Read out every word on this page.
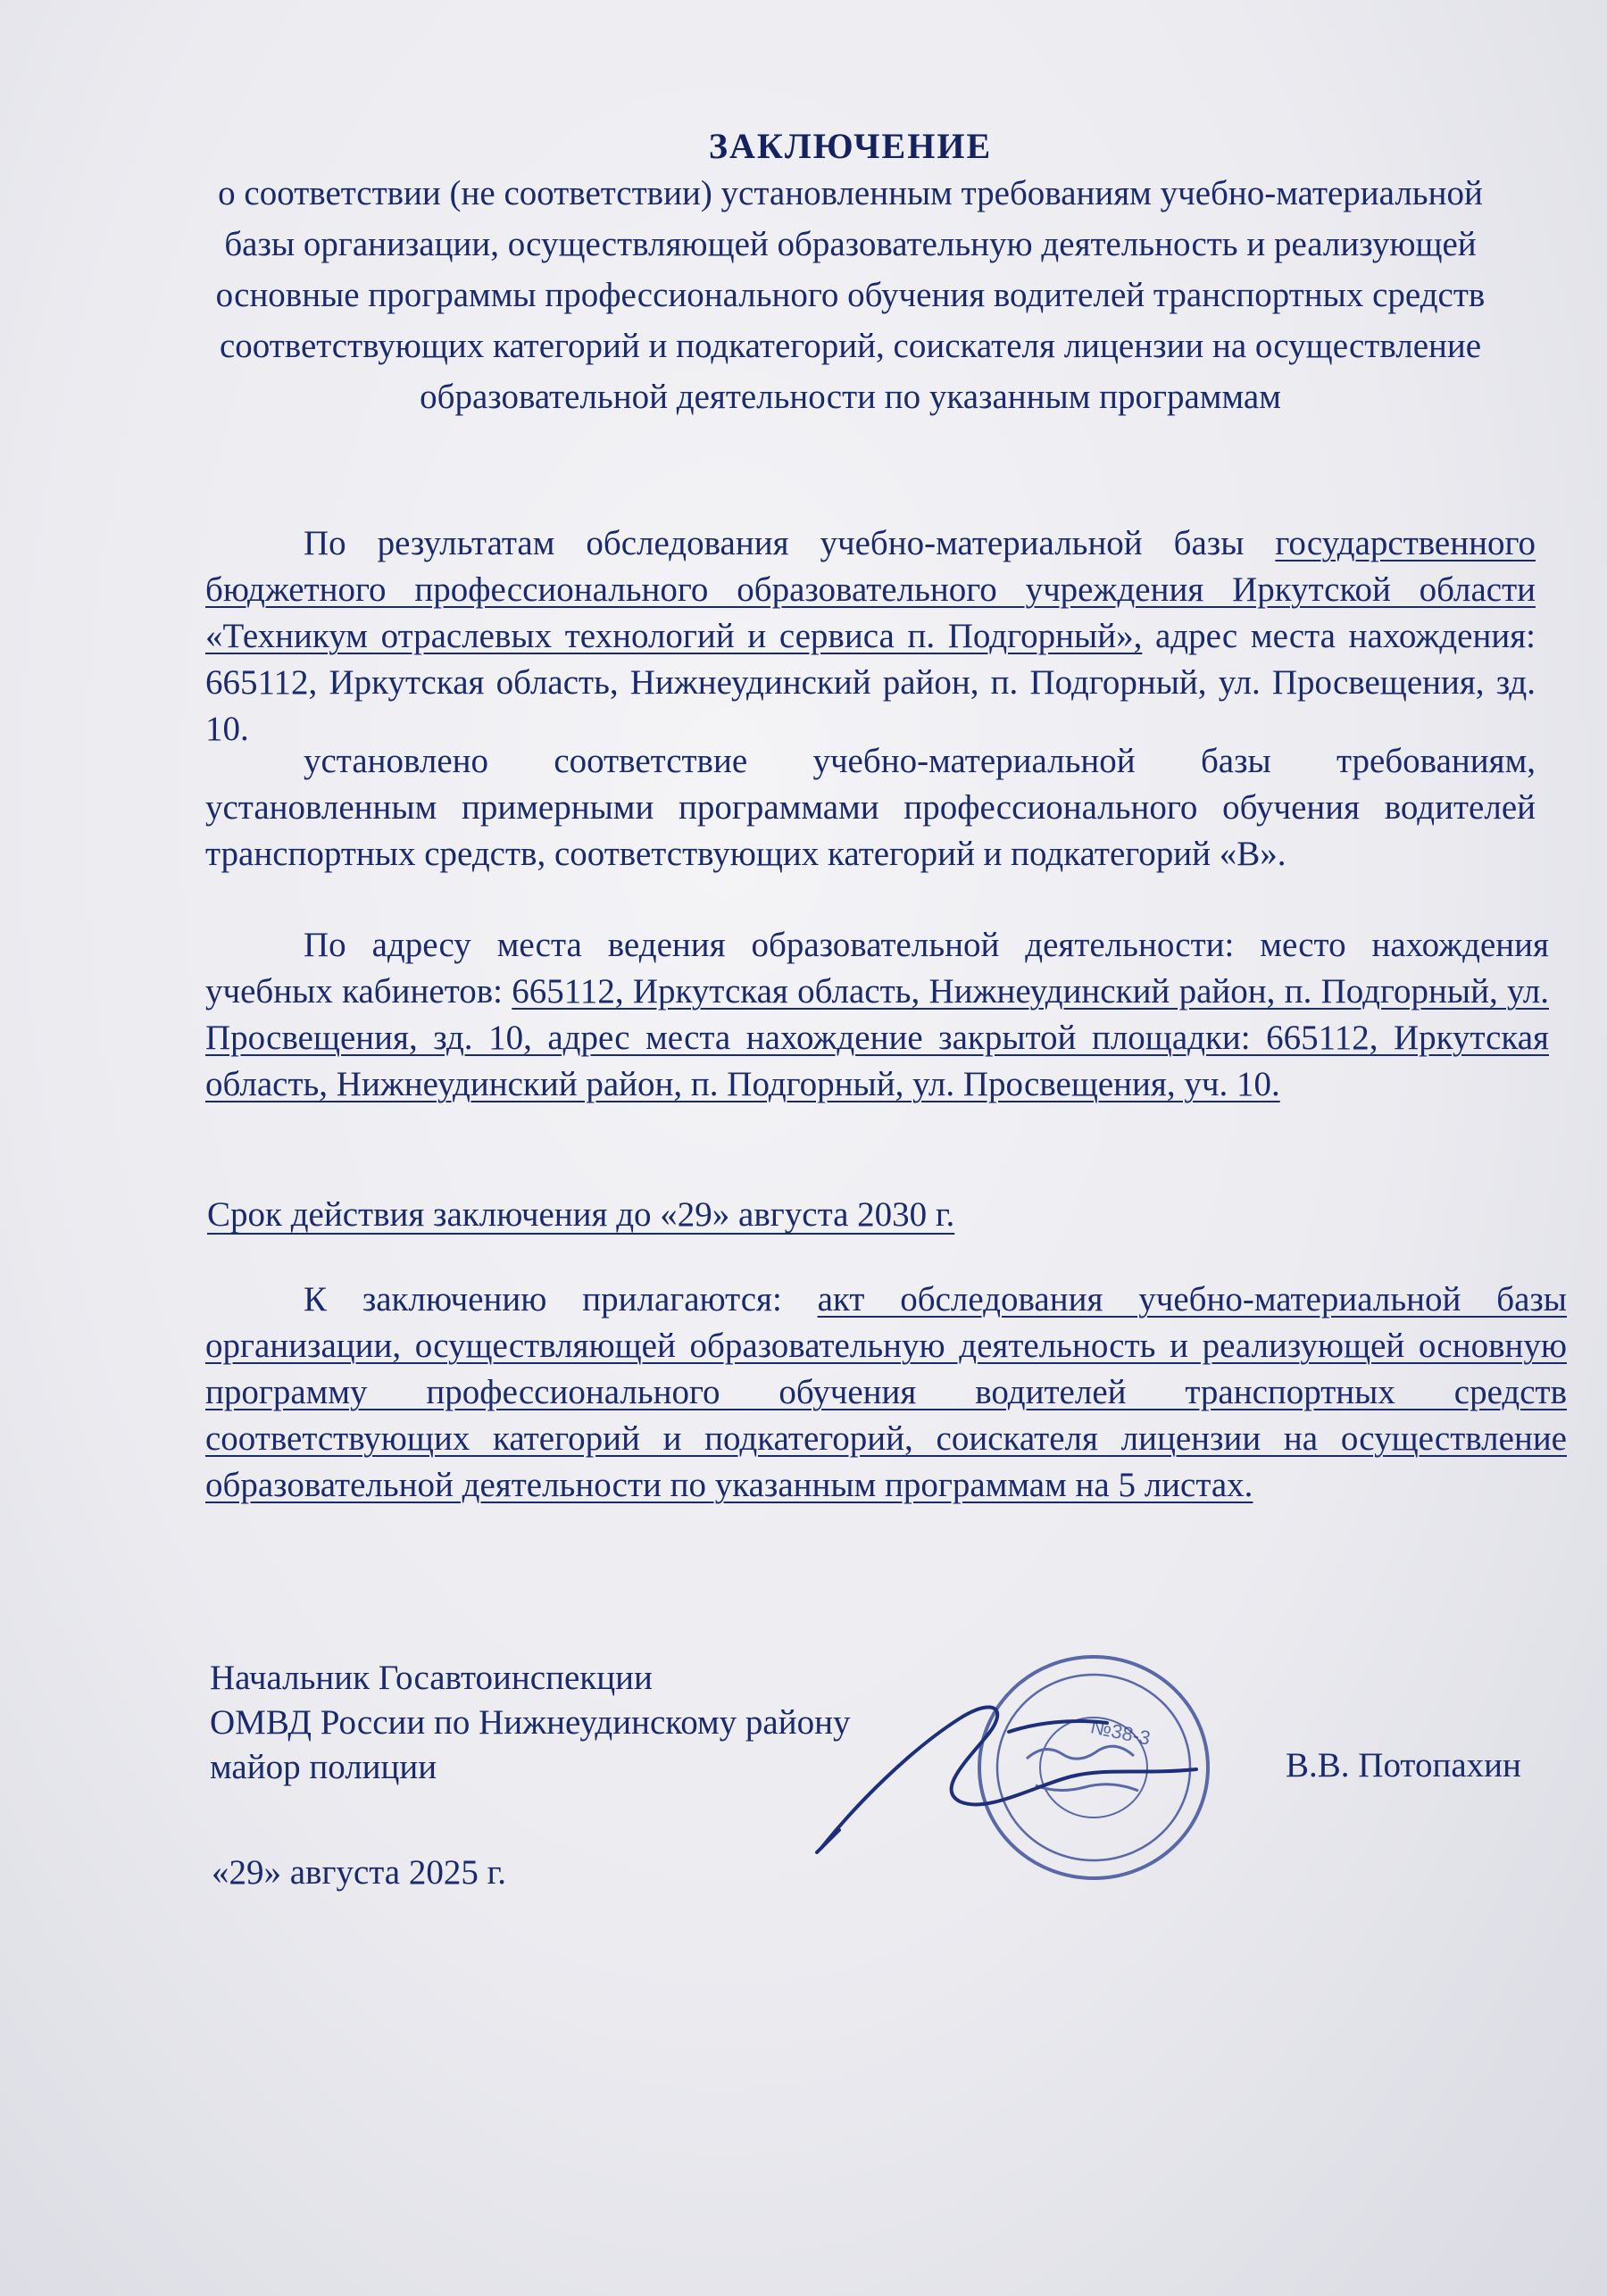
ЗАКЛЮЧЕНИЕ
о соответствии (не соответствии) установленным требованиям учебно-материальной базы организации, осуществляющей образовательную деятельность и реализующей основные программы профессионального обучения водителей транспортных средств соответствующих категорий и подкатегорий, соискателя лицензии на осуществление образовательной деятельности по указанным программам
По результатам обследования учебно-материальной базы государственного бюджетного профессионального образовательного учреждения Иркутской области «Техникум отраслевых технологий и сервиса п. Подгорный», адрес места нахождения: 665112, Иркутская область, Нижнеудинский район, п. Подгорный, ул. Просвещения, зд. 10.
установлено соответствие учебно-материальной базы требованиям, установленным примерными программами профессионального обучения водителей транспортных средств, соответствующих категорий и подкатегорий «В».
По адресу места ведения образовательной деятельности: место нахождения учебных кабинетов: 665112, Иркутская область, Нижнеудинский район, п. Подгорный, ул. Просвещения, зд. 10, адрес места нахождение закрытой площадки: 665112, Иркутская область, Нижнеудинский район, п. Подгорный, ул. Просвещения, уч. 10.
Срок действия заключения до «29» августа 2030 г.
К заключению прилагаются: акт обследования учебно-материальной базы организации, осуществляющей образовательную деятельность и реализующей основную программу профессионального обучения водителей транспортных средств соответствующих категорий и подкатегорий, соискателя лицензии на осуществление образовательной деятельности по указанным программам на 5 листах.
Начальник Госавтоинспекции
ОМВД России по Нижнеудинскому району
майор полиции
№38-3
В.В. Потопахин
«29» августа 2025 г.
